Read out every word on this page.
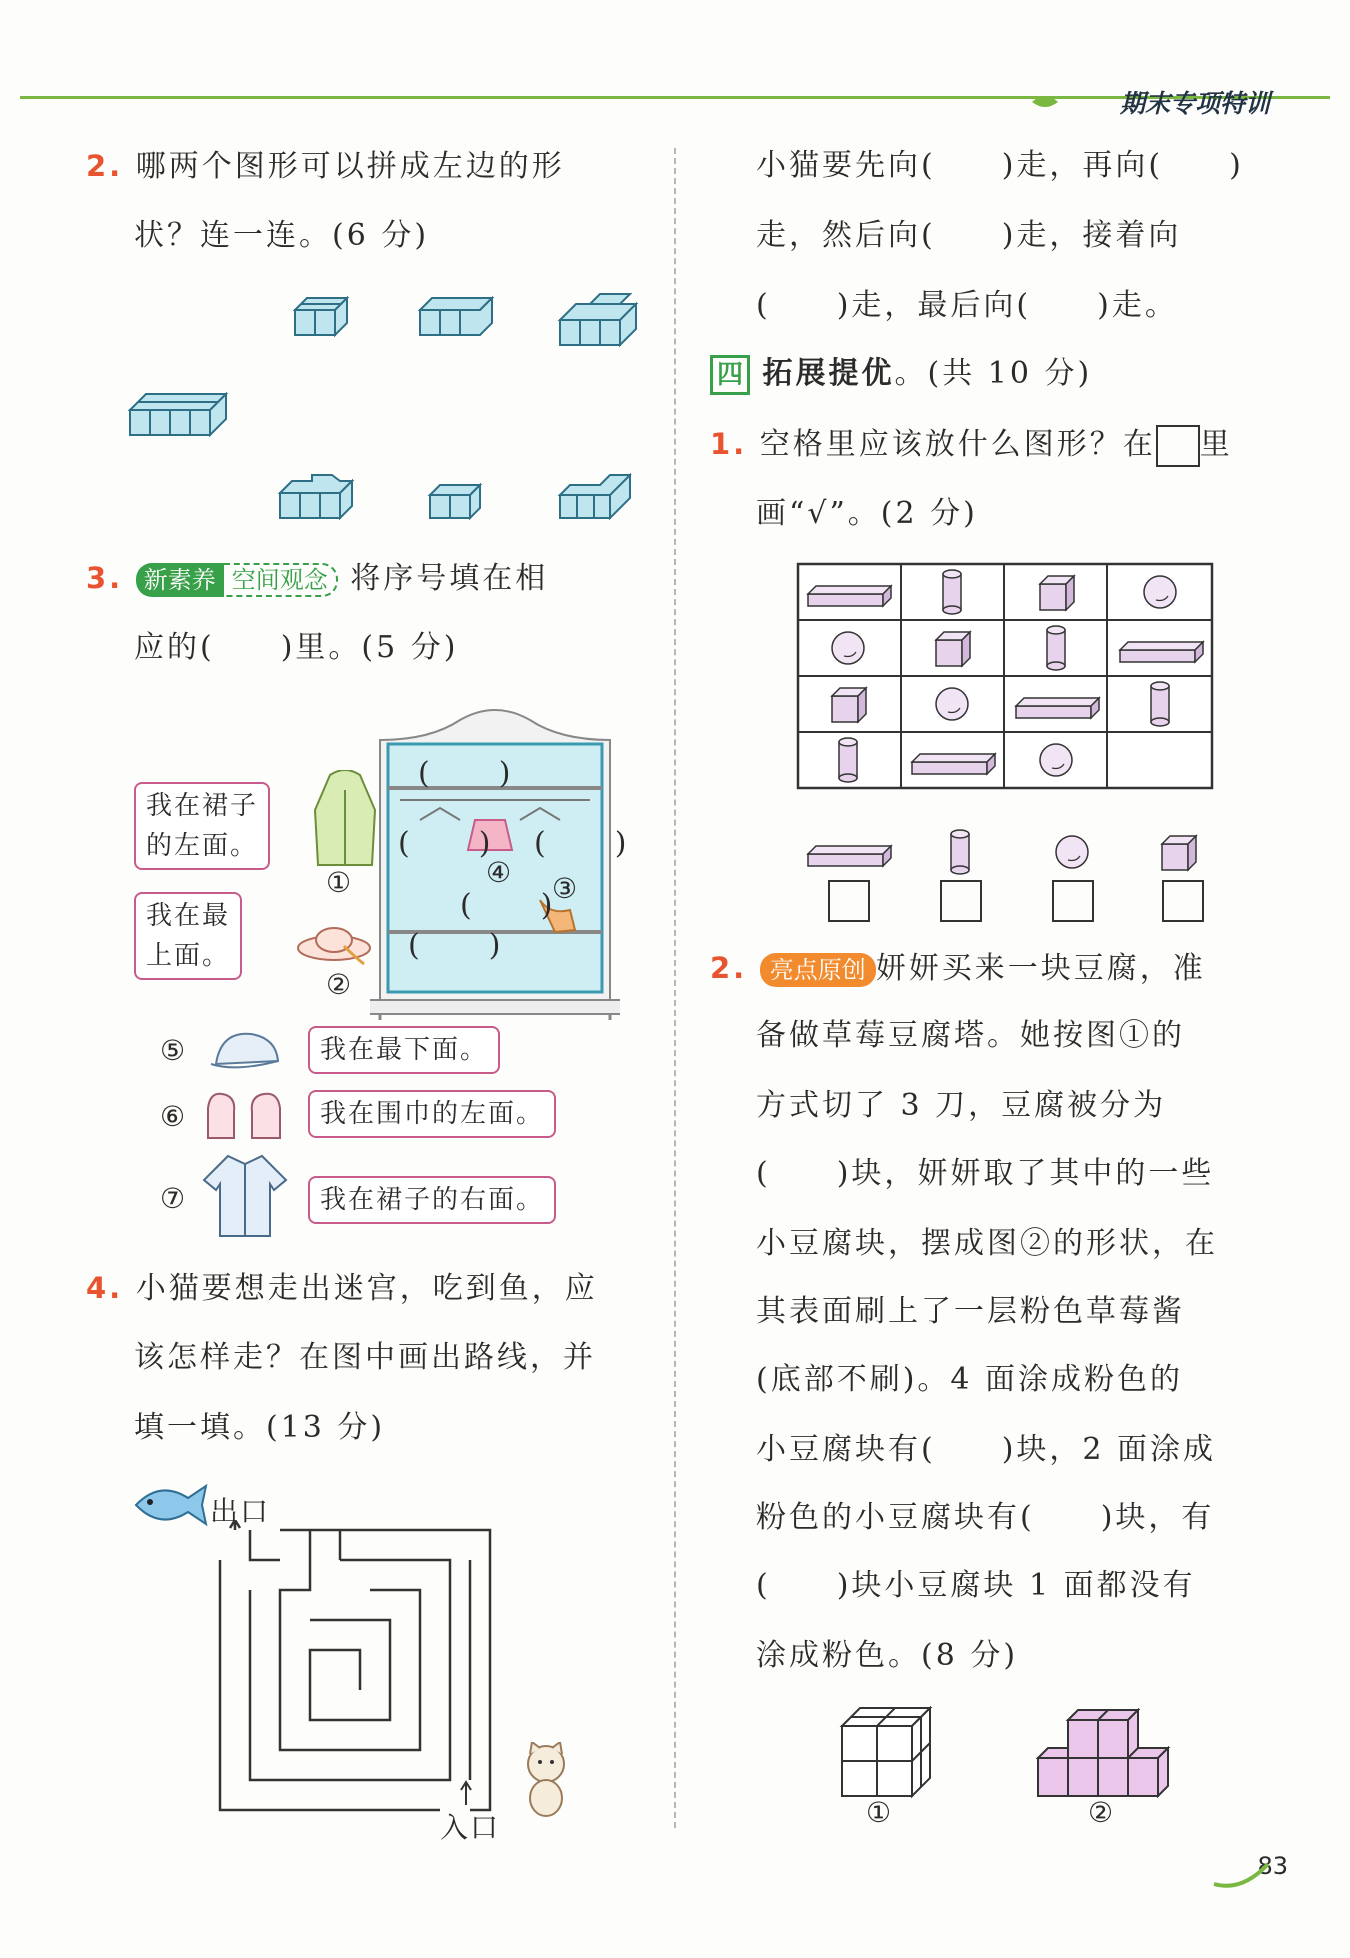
期末专项特训
2. 哪两个图形可以拼成左边的形
状？连一连。(6 分)
3. 新素养 空间观念 将序号填在相
应的(　　)里。(5 分)
(　　)
(　　) (　　)
(　　)
(　　)
④ ③
①
②
我在裙子
的左面。
我在最
上面。
⑤	我在最下面。
⑥	我在围巾的左面。
⑦	我在裙子的右面。
4. 小猫要想走出迷宫，吃到鱼，应
该怎样走？在图中画出路线，并
填一填。(13 分)
出口
入口
小猫要先向(　　)走，再向(　　)
走，然后向(　　)走，接着向
(　　)走，最后向(　　)走。
四 拓展提优。(共 10 分)
1. 空格里应该放什么图形？在 里
画“√”。(2 分)
2. 亮点原创 妍妍买来一块豆腐，准
备做草莓豆腐塔。她按图①的
方式切了 3 刀，豆腐被分为
(　　)块，妍妍取了其中的一些
小豆腐块，摆成图②的形状，在
其表面刷上了一层粉色草莓酱
(底部不刷)。4 面涂成粉色的
小豆腐块有(　　)块，2 面涂成
粉色的小豆腐块有(　　)块，有
(　　)块小豆腐块 1 面都没有
涂成粉色。(8 分)
①	②
83
